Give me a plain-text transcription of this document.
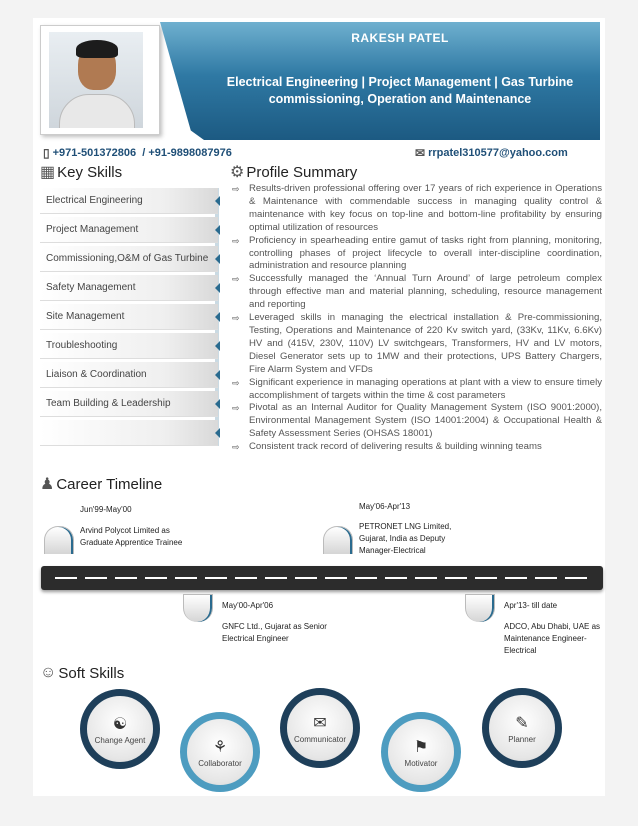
RAKESH PATEL
Electrical Engineering | Project Management | Gas Turbine commissioning, Operation and Maintenance
▯ +971-501372806  / +91-9898087976	✉ rrpatel310577@yahoo.com
▦ Key Skills
Electrical Engineering
Project Management
Commissioning,O&M of Gas Turbine
Safety Management
Site Management
Troubleshooting
Liaison & Coordination
Team Building & Leadership
⚙ Profile Summary
⇨ Results-driven professional offering over 17 years of rich experience in Operations & Maintenance with commendable success in managing quality control & maintenance with key focus on top-line and bottom-line profitability by ensuring optimal utilization of resources
⇨ Proficiency in spearheading entire gamut of tasks right from planning, monitoring, controlling phases of project lifecycle to overall inter-discipline coordination, administration and resource planning
⇨ Successfully managed the ‘Annual Turn Around’ of large petroleum complex through effective man and material planning, scheduling, resource management and reporting
⇨ Leveraged skills in managing the electrical installation & Pre-commissioning, Testing, Operations and Maintenance of 220 Kv switch yard, (33Kv, 11Kv, 6.6Kv) HV and (415V, 230V, 110V) LV switchgears, Transformers, HV and LV motors, Diesel Generator sets up to 1MW and their protections, UPS Battery Chargers, Fire Alarm System and VFDs
⇨ Significant experience in managing operations at plant with a view to ensure timely accomplishment of targets within the time & cost parameters
⇨ Pivotal as an Internal Auditor for Quality Management System (ISO 9001:2000), Environmental Management System (ISO 14001:2004) & Occupational Health & Safety Assessment Series (OHSAS 18001)
⇨ Consistent track record of delivering results & building winning teams
♟ Career Timeline
Jun'99-May'00
Arvind Polycot Limited as Graduate Apprentice Trainee
May'06-Apr'13
PETRONET LNG Limited, Gujarat, India as Deputy Manager-Electrical
May'00-Apr'06
GNFC Ltd., Gujarat as Senior Electrical Engineer
Apr'13- till date
ADCO, Abu Dhabi, UAE as Maintenance Engineer-Electrical
☺ Soft Skills
☯
Change Agent	⚘
Collaborator
✉
Communicator	⚑
Motivator
✎
Planner
